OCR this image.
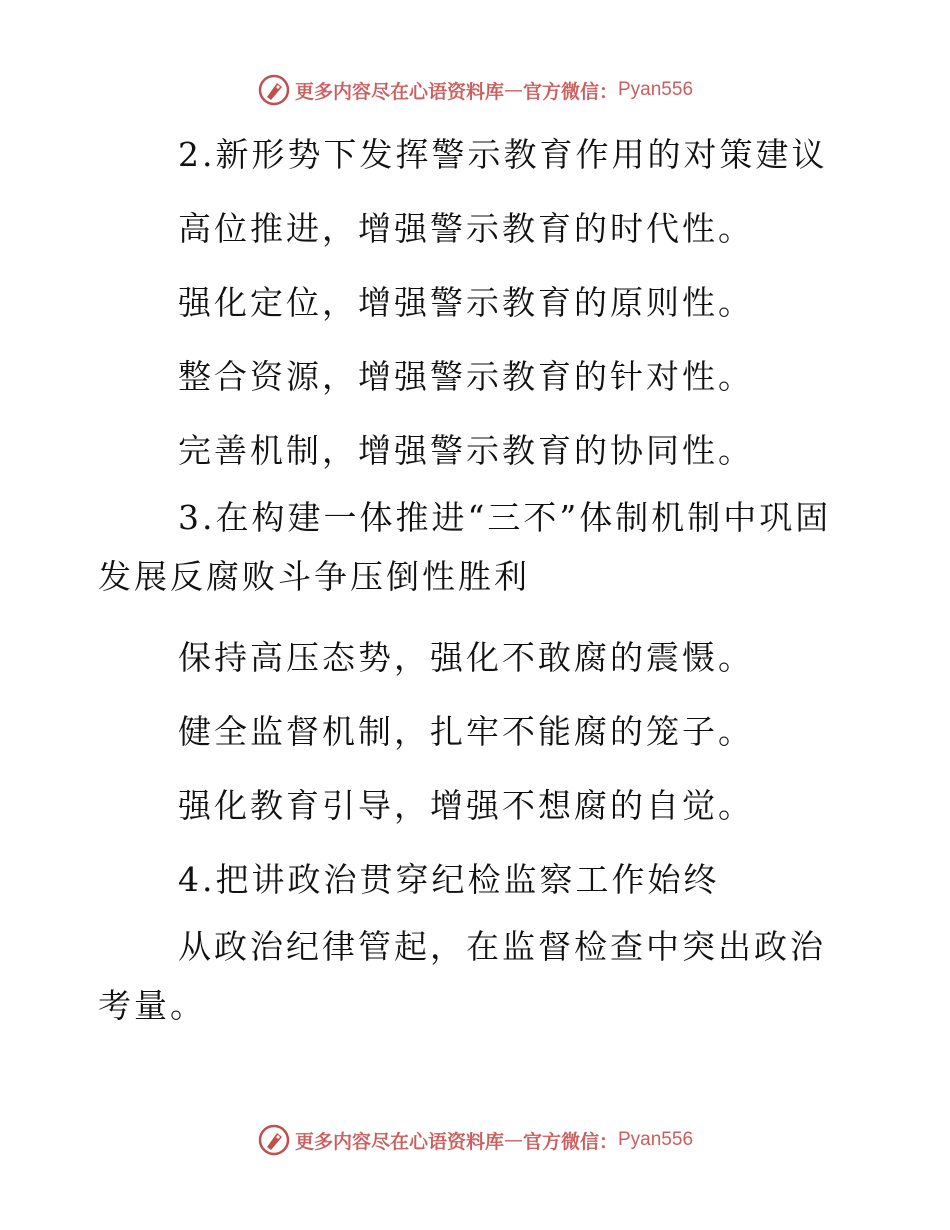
更多内容尽在心语资料库 — 官方微信： Pyan556

2.新形势下发挥警示教育作用的对策建议

高位推进，增强警示教育的时代性。

强化定位，增强警示教育的原则性。

整合资源，增强警示教育的针对性。

完善机制，增强警示教育的协同性。

3.在构建一体推进“三不”体制机制中巩固发展反腐败斗争压倒性胜利

保持高压态势，强化不敢腐的震慑。

健全监督机制，扎牢不能腐的笼子。

强化教育引导，增强不想腐的自觉。

4.把讲政治贯穿纪检监察工作始终

从政治纪律管起，在监督检查中突出政治考量。

更多内容尽在心语资料库 — 官方微信： Pyan556
